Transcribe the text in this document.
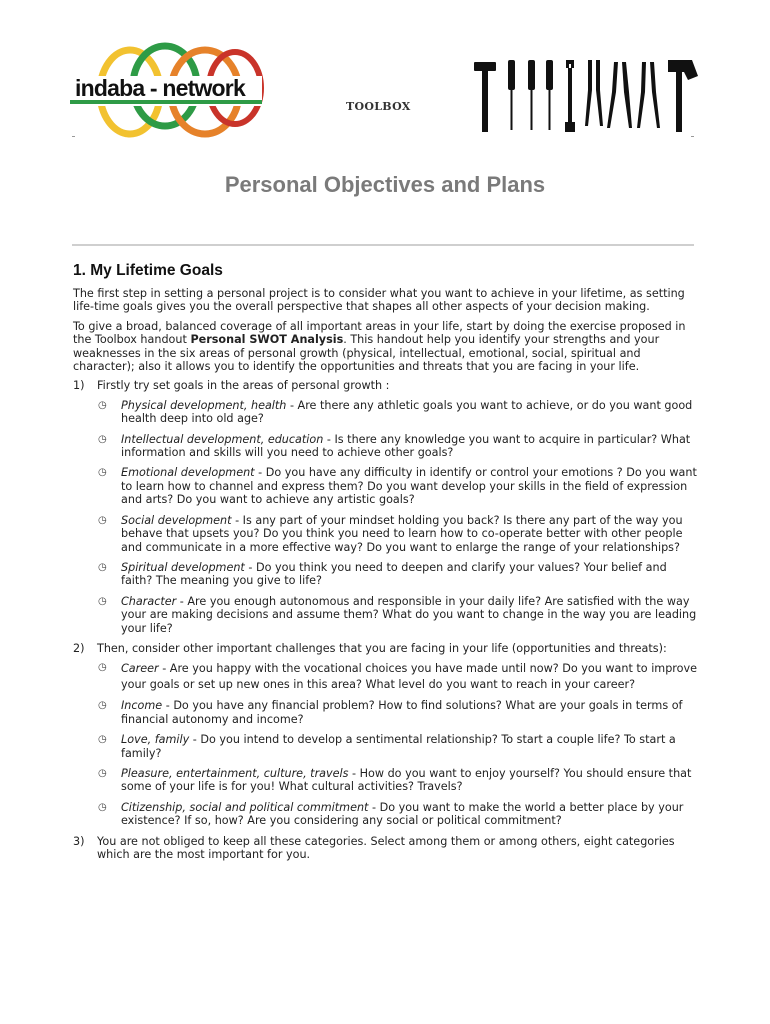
indaba - network
TOOLBOX
Personal Objectives and Plans
1. My Lifetime Goals

The first step in setting a personal project is to consider what you want to achieve in your lifetime, as setting life-time goals gives you the overall perspective that shapes all other aspects of your decision making.

To give a broad, balanced coverage of all important areas in your life, start by doing the exercise proposed in the Toolbox handout Personal SWOT Analysis. This handout help you identify your strengths and your weaknesses in the six areas of personal growth (physical, intellectual, emotional, social, spiritual and character); also it allows you to identify the opportunities and threats that you are facing in your life.

1)	Firstly try set goals in the areas of personal growth :
◷	Physical development, health - Are there any athletic goals you want to achieve, or do you want good health deep into old age?
◷	Intellectual development, education - Is there any knowledge you want to acquire in particular? What information and skills will you need to achieve other goals?
◷	Emotional development - Do you have any difficulty in identify or control your emotions ? Do you want to learn how to channel and express them? Do you want develop your skills in the field of expression and arts? Do you want to achieve any artistic goals?
◷	Social development - Is any part of your mindset holding you back? Is there any part of the way you behave that upsets you? Do you think you need to learn how to co-operate better with other people and communicate in a more effective way? Do you want to enlarge the range of your relationships?
◷	Spiritual development - Do you think you need to deepen and clarify your values? Your belief and faith? The meaning you give to life?
◷	Character - Are you enough autonomous and responsible in your daily life? Are satisfied with the way your are making decisions and assume them? What do you want to change in the way you are leading your life?
2)	Then, consider other important challenges that you are facing in your life (opportunities and threats):
◷	Career - Are you happy with the vocational choices you have made until now? Do you want to improve your goals or set up new ones in this area? What level do you want to reach in your career?
◷	Income - Do you have any financial problem? How to find solutions? What are your goals in terms of financial autonomy and income?
◷	Love, family - Do you intend to develop a sentimental relationship? To start a couple life? To start a family?
◷	Pleasure, entertainment, culture, travels - How do you want to enjoy yourself? You should ensure that some of your life is for you! What cultural activities? Travels?
◷	Citizenship, social and political commitment - Do you want to make the world a better place by your existence? If so, how? Are you considering any social or political commitment?
3)	You are not obliged to keep all these categories. Select among them or among others, eight categories which are the most important for you.
